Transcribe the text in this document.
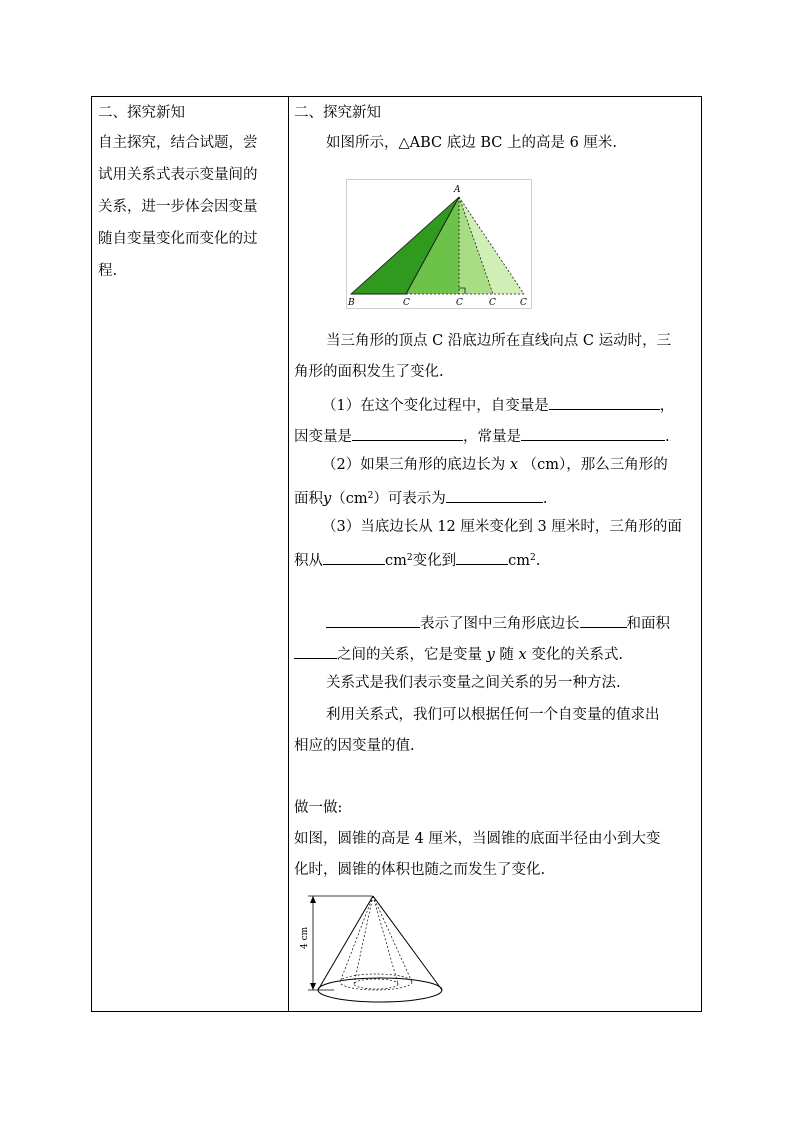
二、探究新知
自主探究，结合试题，尝
试用关系式表示变量间的
关系，进一步体会因变量
随自变量变化而变化的过
程.
二、探究新知
如图所示，△ABC 底边 BC 上的高是 6 厘米.
A
B	C	C	C	C
当三角形的顶点 C 沿底边所在直线向点 C 运动时，三
角形的面积发生了变化.
（1）在这个变化过程中，自变量是	，
因变量是	，常量是	.
（2）如果三角形的底边长为 x （cm），那么三角形的
面积$y(cm^2)$可表示为	.
（3）当底边长从 12 厘米变化到 3 厘米时，三角形的面
积从	$cm^2$变化到	$cm^2$.
表示了图中三角形底边长	和面积
之间的关系，它是变量 y 随 x 变化的关系式.
关系式是我们表示变量之间关系的另一种方法.
利用关系式，我们可以根据任何一个自变量的值求出
相应的因变量的值.
做一做:
如图，圆锥的高是 4 厘米，当圆锥的底面半径由小到大变
化时，圆锥的体积也随之而发生了变化.
4 cm
